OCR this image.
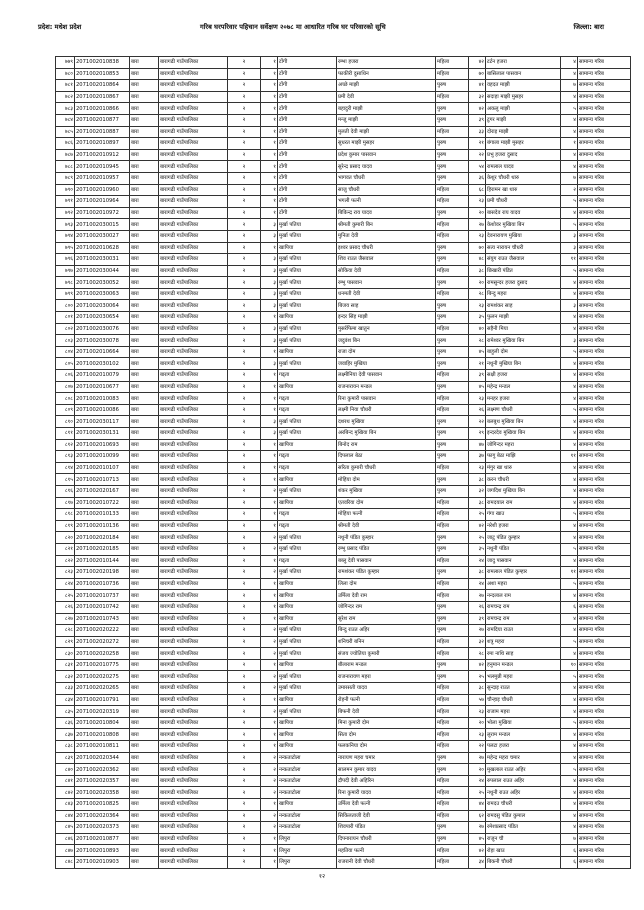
प्रदेश: मधेश प्रदेश	गरिब घरपरिवार पहिचान सर्वेक्षण २०७८ मा आधारित गरिब घर परिवारको सूचि	जिल्ला: बारा
७७९	2071002010838	बारा	बारागढी गाउँपालिका	२	१	टोंगी	रम्भा हजरा	महिला	४२	टर्टन हजरा	४	सामान्य गरिब
७८०	2071002010853	बारा	बारागढी गाउँपालिका	२	१	टोंगी	फाकीरी दुसाधिन	महिला	७०	बासिलाल पासवान	४	सामान्य गरिब
७८१	2071002010864	बारा	बारागढी गाउँपालिका	२	१	टोंगी	अच्छे माझी	पुरुष	४१	वहदत माझी	७	सामान्य गरिब
७८२	2071002010867	बारा	बारागढी गाउँपालिका	२	१	टोंगी	प्रमी देवी	महिला	३२	सदाहा माझी मुसहर	४	सामान्य गरिब
७८३	2071002010866	बारा	बारागढी गाउँपालिका	२	१	टोंगी	बहादुरी माझी	पुरुष	४२	अकलु माझी	५	सामान्य गरिब
७८४	2071002010877	बारा	बारागढी गाउँपालिका	२	१	टोंगी	मन्जु माझी	पुरुष	३९	टुगर माझी	४	सामान्य गरिब
७८५	2071002010887	बारा	बारागढी गाउँपालिका	२	१	टोंगी	मुलती देवी माझी	महिला	३३	दोराइ माझी	४	सामान्य गरिब
७८६	2071002010897	बारा	बारागढी गाउँपालिका	२	१	टोंगी	सुधरत माझी मुसहर	पुरुष	२१	बंगाला माझी मुसहर	१	सामान्य गरिब
७८७	2071002010912	बारा	बारागढी गाउँपालिका	२	१	टोंगी	प्रदेश कुमार पासवान	पुरुष	२२	प्रभु हजरा दुसाद	४	सामान्य गरिब
७८८	2071002010945	बारा	बारागढी गाउँपालिका	२	१	टोंगी	सुरेन्द्र प्रसाद यादव	पुरुष	५४	रामलाल यादव	४	सामान्य गरिब
७८९	2071002010957	बारा	बारागढी गाउँपालिका	२	१	टोंगी	भागवत चौधरी	पुरुष	३६	केशुर चौधरी थारु	७	सामान्य गरिब
७९०	2071002010960	बारा	बारागढी गाउँपालिका	२	१	टोंगी	साजु चौधरी	महिला	६८	हिरामन खा थारु	२	सामान्य गरिब
७९१	2071002010964	बारा	बारागढी गाउँपालिका	२	१	टोंगी	भगली फत्नी	महिला	२३	प्रमी चौधरी	५	सामान्य गरिब
७९२	2071002010972	बारा	बारागढी गाउँपालिका	२	१	टोंगी	बिकिन्द्र राय यादव	पुरुष	२०	बासदेव राय यादव	४	सामान्य गरिब
७९३	2071002030015	बारा	बारागढी गाउँपालिका	२	३	मुर्खा पतिया	श्रीमती कुमारी बिन	महिला	२७	केशोवर मुखिया बिन	५	सामान्य गरिब
७९४	2071002030027	बारा	बारागढी गाउँपालिका	२	३	मुर्खा पतिया	मुनिता देवी	महिला	२३	देवनारायण मुखिया	३	सामान्य गरिब
७९५	2071002010628	बारा	बारागढी गाउँपालिका	२	१	खापिया	इश्वर प्रसाद चौधरी	पुरुष	७०	सत्य नारायन चौधरी	३	सामान्य गरिब
७९६	2071002030031	बारा	बारागढी गाउँपालिका	२	३	मुर्खा पतिया	शिव राउत जैसवाल	पुरुष	४८	संयुग राउत जैसवाल	११	सामान्य गरिब
७९७	2071002030044	बारा	बारागढी गाउँपालिका	२	३	मुर्खा पतिया	सोकिया देवी	महिला	३८	छिखारी पंडित	५	सामान्य गरिब
७९८	2071002030052	बारा	बारागढी गाउँपालिका	२	३	मुर्खा पतिया	रम्भु पासवान	पुरुष	२०	रामसुन्दर हजरा दुसाद	४	सामान्य गरिब
७९९	2071002030063	बारा	बारागढी गाउँपालिका	२	३	मुर्खा पतिया	धनमती देवी	महिला	२८	बिन्दु महरा	४	सामान्य गरिब
८००	2071002030064	बारा	बारागढी गाउँपालिका	२	३	मुर्खा पतिया	बिजय साह	पुरुष	२३	रामशंकर साह	३	सामान्य गरिब
८०१	2071002030654	बारा	बारागढी गाउँपालिका	२	१	खापिया	इन्दर सिंह माझी	पुरुष	३५	फुलन माझी	४	सामान्य गरिब
८०२	2071002030076	बारा	बारागढी गाउँपालिका	२	३	मुर्खा पतिया	मुसर्रफिमा खातुन	महिला	४०	सहैनी मिया	४	सामान्य गरिब
८०३	2071002030078	बारा	बारागढी गाउँपालिका	२	३	मुर्खा पतिया	जदुवंश बिन	पुरुष	२८	रामेश्वर मुखिया बिन	३	सामान्य गरिब
८०४	2071002010664	बारा	बारागढी गाउँपालिका	२	१	खापिया	राजा दोम	पुरुष	४५	बाहुली दोम	५	सामान्य गरिब
८०५	2071002030102	बारा	बारागढी गाउँपालिका	२	३	मुर्खा पतिया	जवाहिर मुखिया	पुरुष	२१	नथुनी मुखिया बिन	४	सामान्य गरिब
८०६	2071002010079	बारा	बारागढी गाउँपालिका	२	१	गढ्ता	लक्ष्मीनिया देवी पासवान	महिला	३९	सक्षी हजरा	४	सामान्य गरिब
८०७	2071002010677	बारा	बारागढी गाउँपालिका	२	१	खापिया	राजनारायन मन्डल	पुरुष	४५	महेन्द्र मन्डल	४	सामान्य गरिब
८०८	2071002010083	बारा	बारागढी गाउँपालिका	२	१	गढ्ता	रिना कुमारी पासवान	महिला	२३	मनहर हजरा	४	सामान्य गरिब
८०९	2071002010086	बारा	बारागढी गाउँपालिका	२	१	गढ्ता	लक्ष्मी निया चौधरी	महिला	२६	लक्ष्मण चौधरी	५	सामान्य गरिब
८१०	2071002030117	बारा	बारागढी गाउँपालिका	२	३	मुर्खा पतिया	दशरथ मुखिया	पुरुष	२२	बलबुथ मुखिया बिन	४	सामान्य गरिब
८११	2071002030131	बारा	बारागढी गाउँपालिका	२	३	मुर्खा पतिया	अरबिन्द मुखिया बिन	पुरुष	२९	इन्दरदेव मुखिया बिन	४	सामान्य गरिब
८१२	2071002010693	बारा	बारागढी गाउँपालिका	२	१	खापिया	बिनोद राम	पुरुष	४७	जोगिन्दर महरा	४	सामान्य गरिब
८१३	2071002010099	बारा	बारागढी गाउँपालिका	२	१	गढ्ता	दिपलाल बेठा	पुरुष	३७	फागु बेठा माझि	११	सामान्य गरिब
८१४	2071002010107	बारा	बारागढी गाउँपालिका	२	१	गढ्ता	सरिता कुमारी चौधरी	महिला	२३	मंगुर खा थारु	४	सामान्य गरिब
८१५	2071002010713	बारा	बारागढी गाउँपालिका	२	१	खापिया	मोहिया दोम	पुरुष	३८	करन चौधरी	४	सामान्य गरिब
८१६	2071002020167	बारा	बारागढी गाउँपालिका	२	२	मुर्खा पतिया	शंकर मुखिया	पुरुष	३२	जगदिश मुखिया बिन	४	सामान्य गरिब
८१७	2071002010722	बारा	बारागढी गाउँपालिका	२	१	खापिया	एतवरिया दोम	महिला	३८	रामदयाल राम	४	सामान्य गरिब
८१८	2071002010133	बारा	बारागढी गाउँपालिका	२	१	गढ्ता	मोहिया फत्नी	महिला	२५	गंगा खाउ	५	सामान्य गरिब
८१९	2071002010136	बारा	बारागढी गाउँपालिका	२	१	गढ्ता	श्रीमती देवी	महिला	४२	नरेशी हजरा	४	सामान्य गरिब
८२०	2071002020184	बारा	बारागढी गाउँपालिका	२	२	मुर्खा पतिया	नथुनी पंडित कुम्हार	पुरुष	२५	जाटु पंडित कुम्हार	४	सामान्य गरिब
८२१	2071002020185	बारा	बारागढी गाउँपालिका	२	२	मुर्खा पतिया	रम्भु प्रसाद पंडित	पुरुष	३५	नथुनी पंडित	५	सामान्य गरिब
८२२	2071002010144	बारा	बारागढी गाउँपालिका	२	१	गढ्ता	बब्लु देवी पासवान	महिला	२४	जादु पासवान	४	सामान्य गरिब
८२३	2071002020198	बारा	बारागढी गाउँपालिका	२	२	मुर्खा पतिया	रामशंकर पंडित कुम्हार	पुरुष	३८	रामलाल पंडित कुम्हार	११	सामान्य गरिब
८२४	2071002010736	बारा	बारागढी गाउँपालिका	२	१	खापिया	लिला दोम	महिला	२४	अशा महरा	५	सामान्य गरिब
८२५	2071002010737	बारा	बारागढी गाउँपालिका	२	१	खापिया	उर्मिला देवी राम	महिला	२७	नन्दलाल राम	४	सामान्य गरिब
८२६	2071002010742	बारा	बारागढी गाउँपालिका	२	१	खापिया	जोगिन्दर राम	पुरुष	२६	रामचन्द्र राम	६	सामान्य गरिब
८२७	2071002010743	बारा	बारागढी गाउँपालिका	२	१	खापिया	सुरेश राम	पुरुष	३९	रामचन्द्र राम	४	सामान्य गरिब
८२८	2071002020222	बारा	बारागढी गाउँपालिका	२	२	मुर्खा पतिया	बिन्दु राउत अहिर	पुरुष	२७	रामदिया राउत	४	सामान्य गरिब
८२९	2071002020272	बारा	बारागढी गाउँपालिका	२	२	मुर्खा पतिया	शनिचरी बनिन	महिला	३२	शत्रु महरा	५	सामान्य गरिब
८३०	2071002020258	बारा	बारागढी गाउँपालिका	२	२	मुर्खा पतिया	संजय ज्योतिया कुमारी	महिला	२८	रमा नाथि साह	४	सामान्य गरिब
८३१	2071002010775	बारा	बारागढी गाउँपालिका	२	१	खापिया	बौलाराम मन्डल	पुरुष	४२	हनुमान मन्डल	१०	सामान्य गरिब
८३२	2071002020275	बारा	बारागढी गाउँपालिका	२	२	मुर्खा पतिया	राजनारायण महरा	पुरुष	२५	भलमुन्नी महरा	५	सामान्य गरिब
८३३	2071002020265	बारा	बारागढी गाउँपालिका	२	२	मुर्खा पतिया	उमारसती यादव	महिला	३८	सुन्दाइ राउत	४	सामान्य गरिब
८३४	2071002010791	बारा	बारागढी गाउँपालिका	२	१	खापिया	रोहनी फत्नी	महिला	५७	चौन्हाइ चौधरी	४	सामान्य गरिब
८३५	2071002020319	बारा	बारागढी गाउँपालिका	२	२	मुर्खा पतिया	बिफनी देवी	महिला	२३	राजाम महरा	४	सामान्य गरिब
८३६	2071002010804	बारा	बारागढी गाउँपालिका	२	१	खापिया	मिना कुमारी दोम	महिला	२०	भोला मुखिया	५	सामान्य गरिब
८३७	2071002010808	बारा	बारागढी गाउँपालिका	२	१	खापिया	सिता दोम	महिला	२३	लुराम मन्डल	४	सामान्य गरिब
८३८	2071002010811	बारा	बारागढी गाउँपालिका	२	१	खापिया	फलकनिया दोम	महिला	२२	पलटा हजरा	४	सामान्य गरिब
८३९	2071002020344	बारा	बारागढी गाउँपालिका	२	२	नन्कताटोला	नारायण महरा चमार	पुरुष	२७	महेन्द्र महरा चमार	४	सामान्य गरिब
८४०	2071002020362	बारा	बारागढी गाउँपालिका	२	२	नन्कताटोला	सालमन कुमार यादव	पुरुष	२०	मुखलाल राउत अहिर	५	सामान्य गरिब
८४१	2071002020357	बारा	बारागढी गाउँपालिका	२	२	नन्कताटोला	द्रौपदी देवी अहिरिन	महिला	२४	रुपलाल राउत अहिर	४	सामान्य गरिब
८४२	2071002020358	बारा	बारागढी गाउँपालिका	२	२	नन्कताटोला	रिना कुमारी यादव	महिला	२५	नथुनी राउत अहिर	४	सामान्य गरिब
८४३	2071002010825	बारा	बारागढी गाउँपालिका	२	१	खापिया	उर्मिला देवी फत्नी	महिला	४४	रामदउ चौधरी	४	सामान्य गरिब
८४४	2071002020364	बारा	बारागढी गाउँपालिका	२	२	नन्कताटोला	सिकिलताजी देवी	महिला	६२	रामदसु पंडित कुमाल	४	सामान्य गरिब
८४५	2071002020373	बारा	बारागढी गाउँपालिका	२	२	नन्कताटोला	शिवपारी पंडित	पुरुष	२७	रमेशप्रसाद पंडित	४	सामान्य गरिब
८४६	2071002010877	बारा	बारागढी गाउँपालिका	२	१	लिपुरा	दिपनारायन चौधरी	पुरुष	४५	राजुन चौ	७	सामान्य गरिब
८४७	2071002010893	बारा	बारागढी गाउँपालिका	२	१	लिपुरा	महतिया फत्नी	महिला	४२	रोहा खाउ	६	सामान्य गरिब
८४८	2071002010903	बारा	बारागढी गाउँपालिका	२	१	लिपुरा	राजरानी देवी चौधरी	महिला	३४	बिकनी चौधरी	६	सामान्य गरिब
१२
